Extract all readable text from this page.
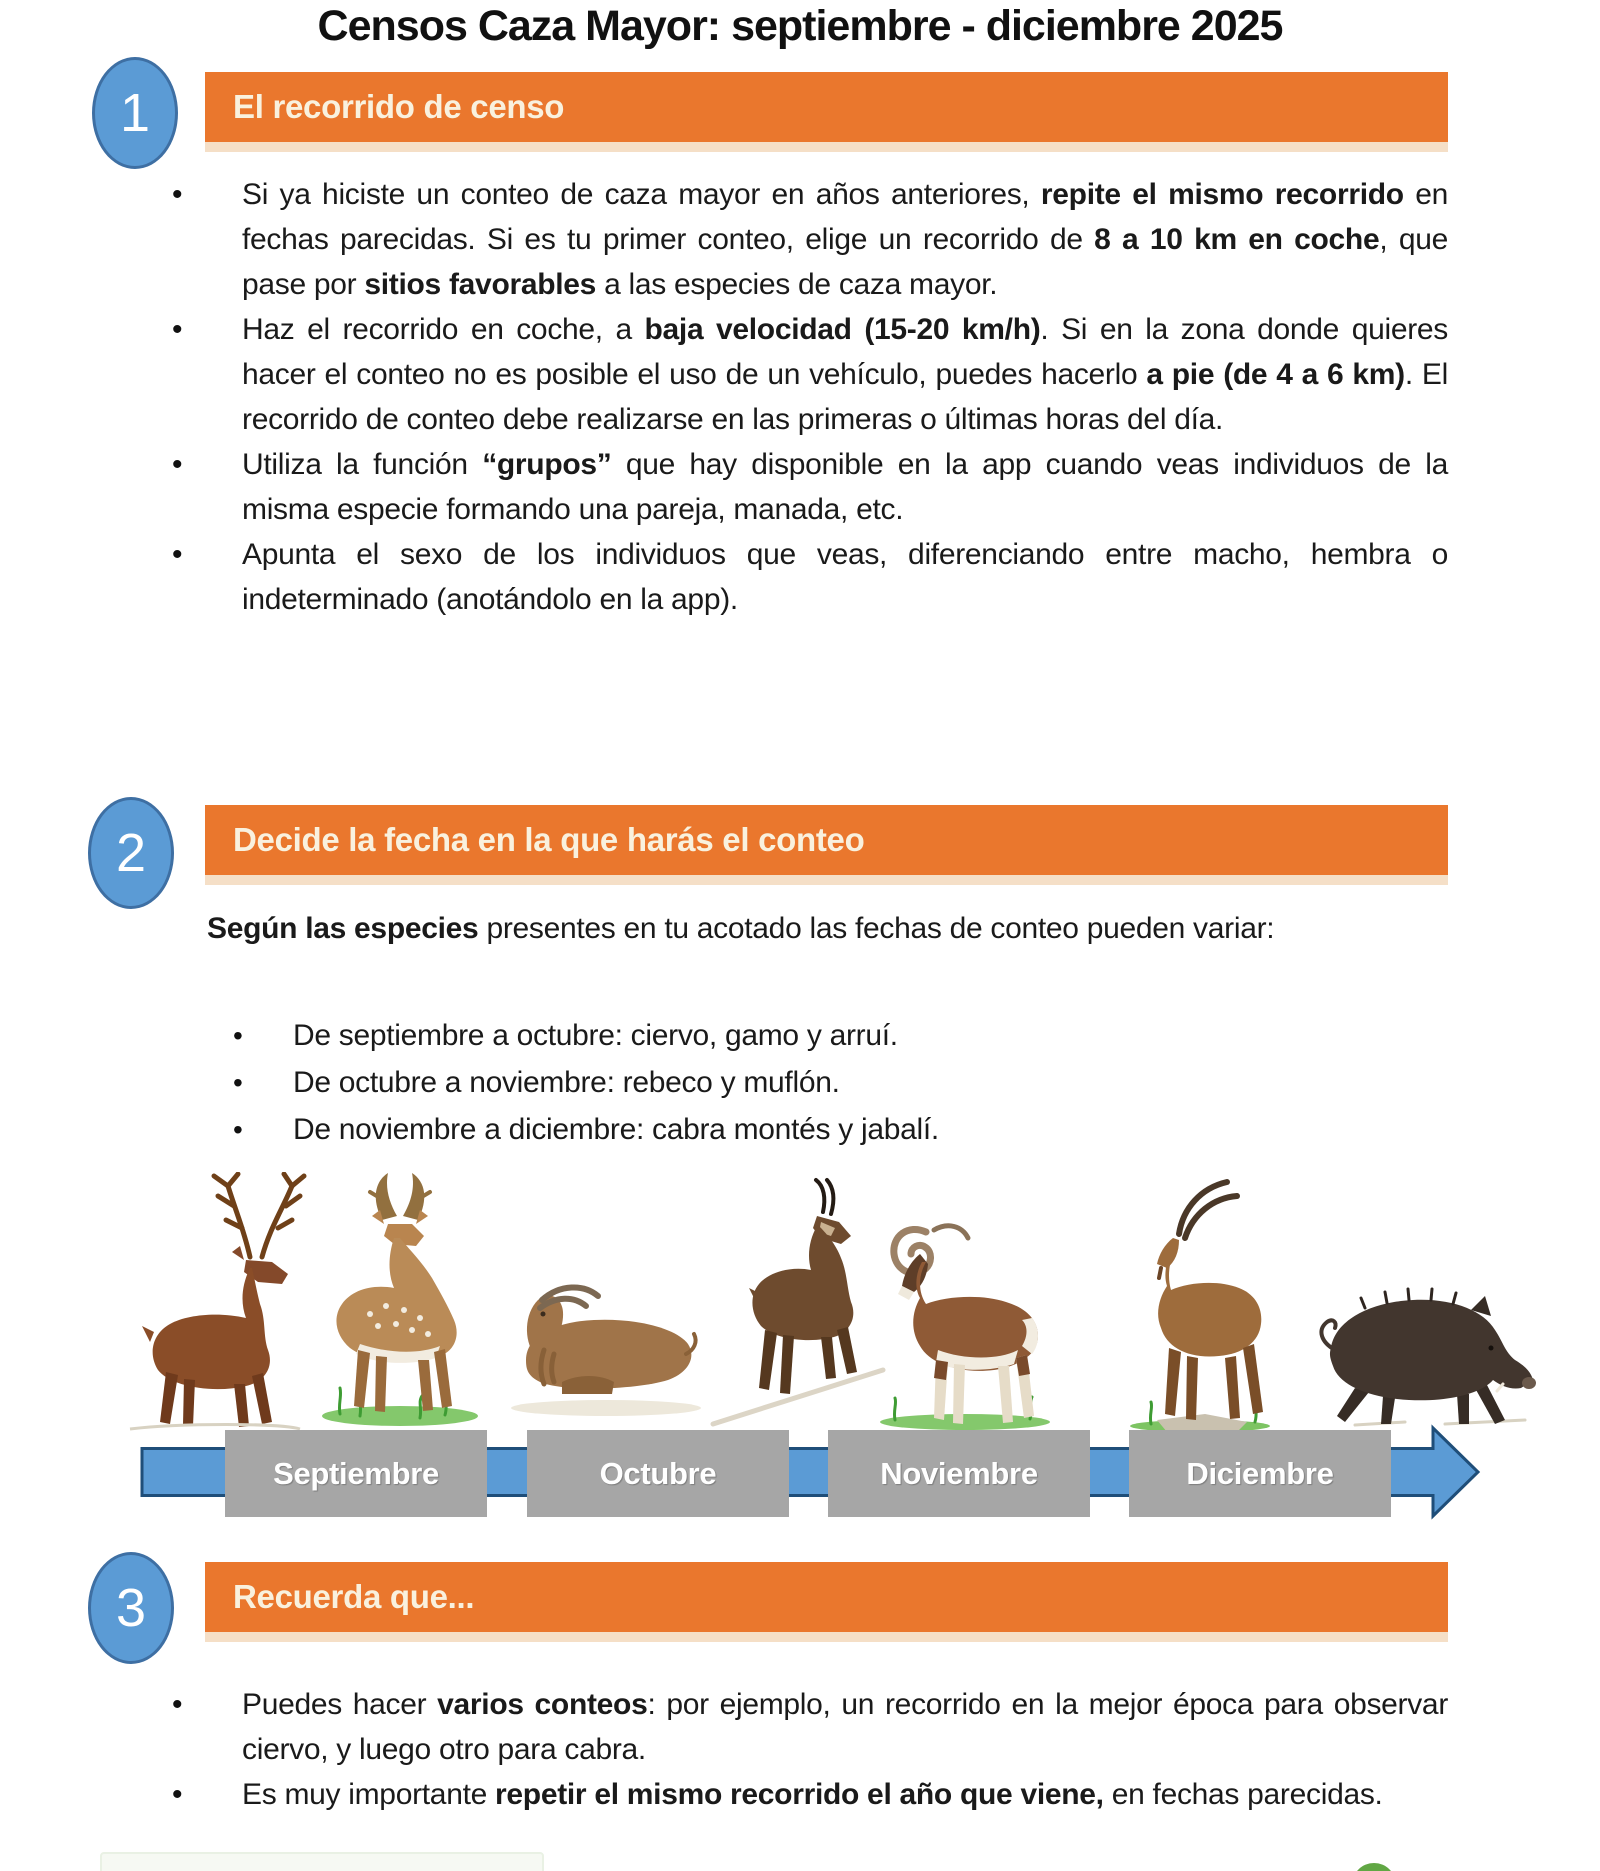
Censos Caza Mayor: septiembre - diciembre 2025
1	El recorrido de censo
• Si ya hiciste un conteo de caza mayor en años anteriores, repite el mismo recorrido en fechas parecidas. Si es tu primer conteo, elige un recorrido de 8 a 10 km en coche, que pase por sitios favorables a las especies de caza mayor.
• Haz el recorrido en coche, a baja velocidad (15-20 km/h). Si en la zona donde quieres hacer el conteo no es posible el uso de un vehículo, puedes hacerlo a pie (de 4 a 6 km). El recorrido de conteo debe realizarse en las primeras o últimas horas del día.
• Utiliza la función “grupos” que hay disponible en la app cuando veas individuos de la misma especie formando una pareja, manada, etc.
• Apunta el sexo de los individuos que veas, diferenciando entre macho, hembra o indeterminado (anotándolo en la app).
2	Decide la fecha en la que harás el conteo

Según las especies presentes en tu acotado las fechas de conteo pueden variar:

• De septiembre a octubre: ciervo, gamo y arruí.
• De octubre a noviembre: rebeco y muflón.
• De noviembre a diciembre: cabra montés y jabalí.
Septiembre	Octubre	Noviembre	Diciembre
3	Recuerda que...
• Puedes hacer varios conteos: por ejemplo, un recorrido en la mejor época para observar ciervo, y luego otro para cabra.
• Es muy importante repetir el mismo recorrido el año que viene, en fechas parecidas.
